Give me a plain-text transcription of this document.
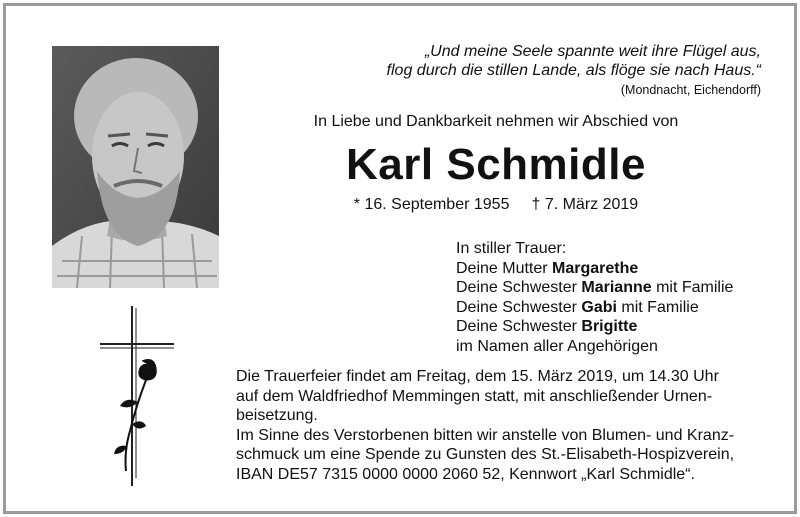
„Und meine Seele spannte weit ihre Flügel aus,
flog durch die stillen Lande, als flöge sie nach Haus.“
(Mondnacht, Eichendorff)
In Liebe und Dankbarkeit nehmen wir Abschied von
Karl Schmidle
* 16. September 1955 † 7. März 2019
In stiller Trauer:
Deine Mutter Margarethe
Deine Schwester Marianne mit Familie
Deine Schwester Gabi mit Familie
Deine Schwester Brigitte
im Namen aller Angehörigen
Die Trauerfeier findet am Freitag, dem 15. März 2019, um 14.30 Uhr
auf dem Waldfriedhof Memmingen statt, mit anschließender Urnen-
beisetzung.
Im Sinne des Verstorbenen bitten wir anstelle von Blumen- und Kranz-
schmuck um eine Spende zu Gunsten des St.-Elisabeth-Hospizverein,
IBAN DE57 7315 0000 0000 2060 52, Kennwort „Karl Schmidle“.
